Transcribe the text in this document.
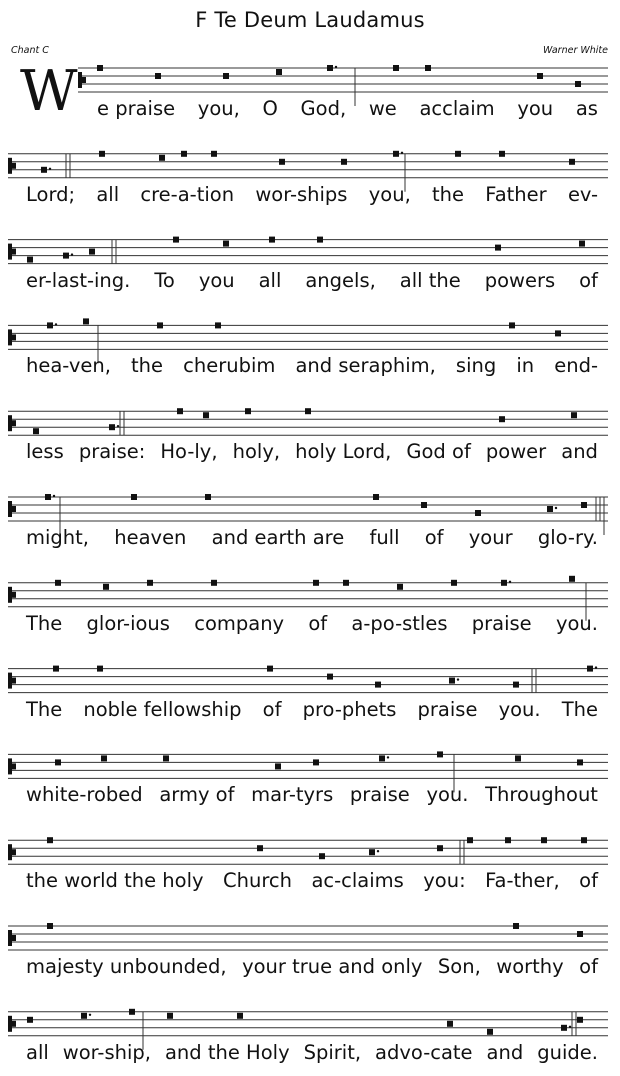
F Te Deum Laudamus
Chant C	Warner White
W e praise you, O God, we acclaim you as
Lord; all cre-a-tion wor-ships you, the Father ev-
er-last-ing. To you all angels, all the powers of
hea-ven, the cherubim and seraphim, sing in end-
less praise: Ho-ly, holy, holy Lord, God of power and
might, heaven and earth are full of your glo-ry.
The glor-ious company of a-po-stles praise you.
The noble fellowship of pro-phets praise you. The
white-robed army of mar-tyrs praise you. Throughout
the world the holy Church ac-claims you: Fa-ther, of
majesty unbounded, your true and only Son, worthy of
all wor-ship, and the Holy Spirit, advo-cate and guide.
